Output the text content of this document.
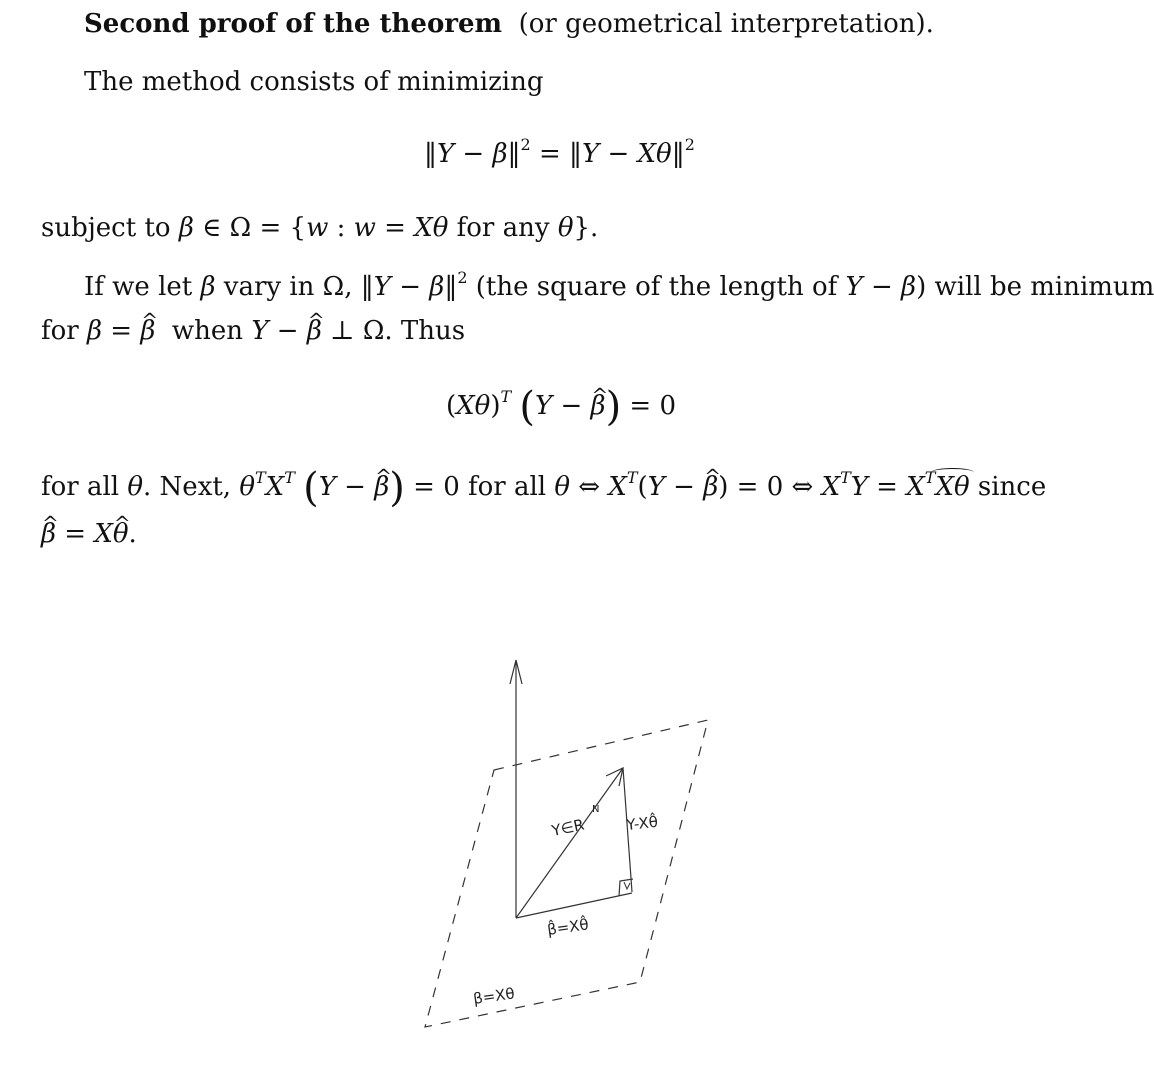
Second proof of the theorem (or geometrical interpretation).
The method consists of minimizing
‖Y − β‖$^2$ = ‖Y − Xθ‖$^2$
subject to β ∈ Ω = {w : w = Xθ for any θ}.
If we let β vary in Ω, ‖Y − β‖$^2$ (the square of the length of Y − β) will be minimum
for β = β ^ when Y − β ^ ⊥ Ω. Thus
$(X\theta)^T$ (Y − β ^) = 0
for all θ. Next, $\theta^TX^T$ (Y − β ^) = 0 for all θ ⇔ $X^T(Y - \beta$ ^) = 0 ⇔ $X^TY = X^TX\theta$ since
β ^ = Xθ ^.
Y∈R
N
Y-Xθ̂
β̂=Xθ̂
β=Xθ
